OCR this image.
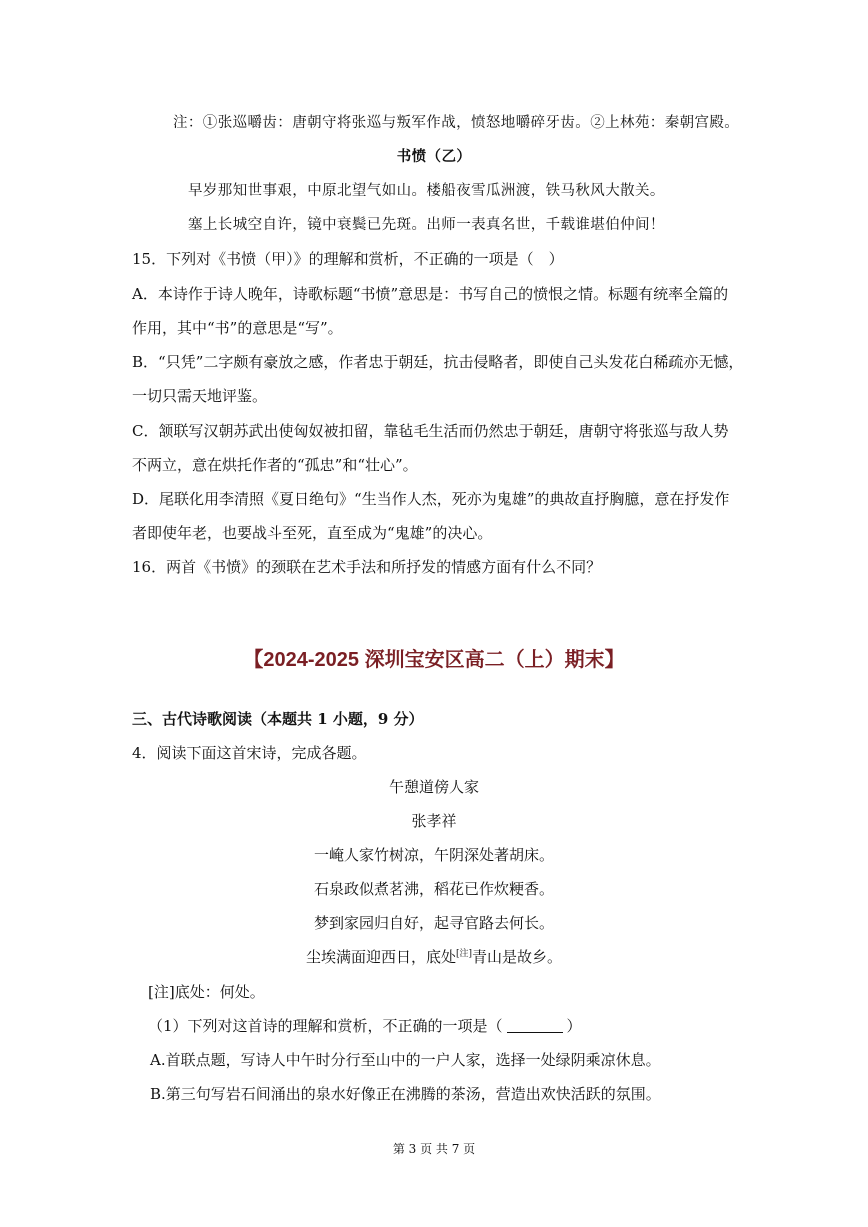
注：①张巡嚼齿：唐朝守将张巡与叛军作战，愤怒地嚼碎牙齿。②上林苑：秦朝宫殿。
书愤（乙）
早岁那知世事艰，中原北望气如山。楼船夜雪瓜洲渡，铁马秋风大散关。
塞上长城空自许，镜中衰鬓已先斑。出师一表真名世，千载谁堪伯仲间！
15．下列对《书愤（甲）》的理解和赏析，不正确的一项是（　）
A．本诗作于诗人晚年，诗歌标题“书愤”意思是：书写自己的愤恨之情。标题有统率全篇的
作用，其中“书”的意思是“写”。
B．“只凭”二字颇有豪放之感，作者忠于朝廷，抗击侵略者，即使自己头发花白稀疏亦无憾，
一切只需天地评鉴。
C．颔联写汉朝苏武出使匈奴被扣留，靠毡毛生活而仍然忠于朝廷，唐朝守将张巡与敌人势
不两立，意在烘托作者的“孤忠”和“壮心”。
D．尾联化用李清照《夏日绝句》“生当作人杰，死亦为鬼雄”的典故直抒胸臆，意在抒发作
者即使年老，也要战斗至死，直至成为“鬼雄”的决心。
16．两首《书愤》的颈联在艺术手法和所抒发的情感方面有什么不同？
【2024-2025 深圳宝安区高二（上）期末】
三、古代诗歌阅读（本题共 1 小题，9 分）
4．阅读下面这首宋诗，完成各题。
午憩道傍人家
张孝祥
一崦人家竹树凉，午阴深处著胡床。
石泉政似煮茗沸，稻花已作炊粳香。
梦到家园归自好，起寻官路去何长。
尘埃满面迎西日，底处[注]青山是故乡。
[注]底处：何处。
（1）下列对这首诗的理解和赏析，不正确的一项是（	）
A.首联点题，写诗人中午时分行至山中的一户人家，选择一处绿阴乘凉休息。
B.第三句写岩石间涌出的泉水好像正在沸腾的茶汤，营造出欢快活跃的氛围。
第 3 页 共 7 页
